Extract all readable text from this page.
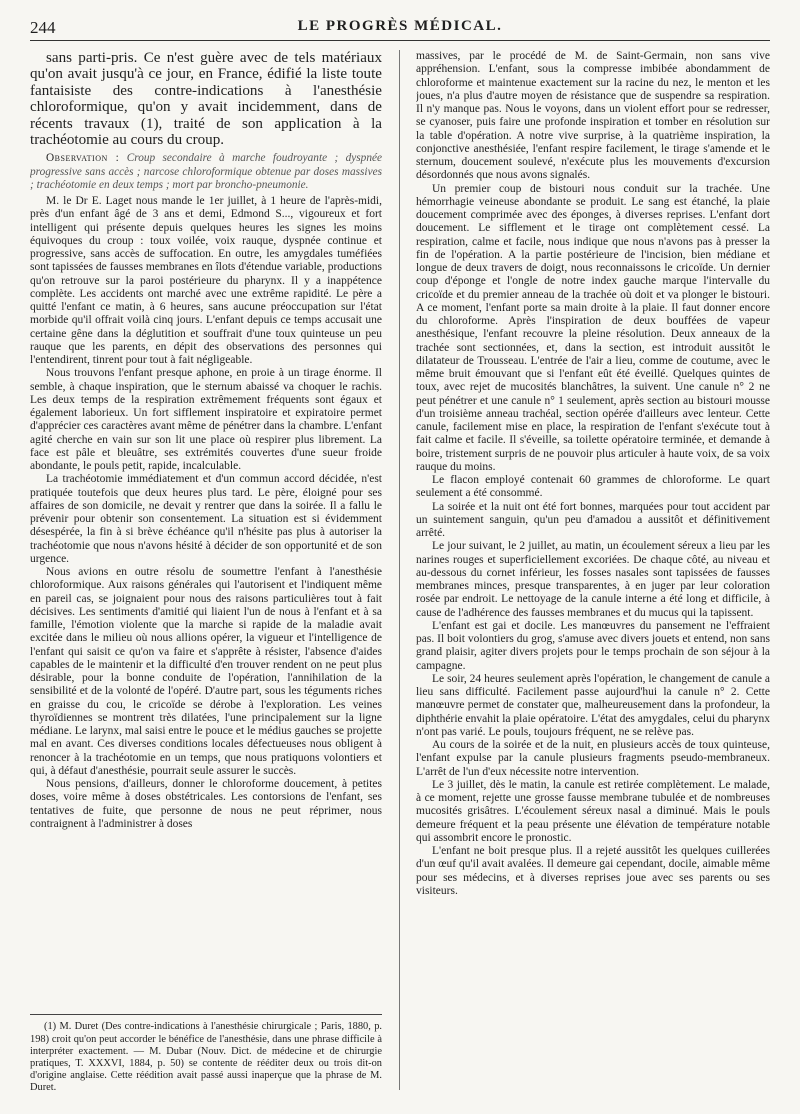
244	LE PROGRÈS MÉDICAL.

sans parti-pris. Ce n'est guère avec de tels matériaux qu'on avait jusqu'à ce jour, en France, édifié la liste toute fantaisiste des contre-indications à l'anesthésie chloroformique, qu'on y avait incidemment, dans de récents travaux (1), traité de son application à la trachéotomie au cours du croup.

Observation : Croup secondaire à marche foudroyante ; dyspnée progressive sans accès ; narcose chloroformique obtenue par doses massives ; trachéotomie en deux temps ; mort par broncho-pneumonie.

M. le Dr E. Laget nous mande le 1er juillet, à 1 heure de l'après-midi, près d'un enfant âgé de 3 ans et demi, Edmond S..., vigoureux et fort intelligent qui présente depuis quelques heures les signes les moins équivoques du croup : toux voilée, voix rauque, dyspnée continue et progressive, sans accès de suffocation. En outre, les amygdales tuméfiées sont tapissées de fausses membranes en îlots d'étendue variable, productions qu'on retrouve sur la paroi postérieure du pharynx. Il y a inappétence complète. Les accidents ont marché avec une extrême rapidité. Le père a quitté l'enfant ce matin, à 6 heures, sans aucune préoccupation sur l'état morbide qu'il offrait voilà cinq jours. L'enfant depuis ce temps accusait une certaine gêne dans la déglutition et souffrait d'une toux quinteuse un peu rauque que les parents, en dépit des observations des personnes qui l'entendirent, tinrent pour tout à fait négligeable.

Nous trouvons l'enfant presque aphone, en proie à un tirage énorme. Il semble, à chaque inspiration, que le sternum abaissé va choquer le rachis. Les deux temps de la respiration extrêmement fréquents sont égaux et également laborieux. Un fort sifflement inspiratoire et expiratoire permet d'apprécier ces caractères avant même de pénétrer dans la chambre. L'enfant agité cherche en vain sur son lit une place où respirer plus librement. La face est pâle et bleuâtre, ses extrémités couvertes d'une sueur froide abondante, le pouls petit, rapide, incalculable.

La trachéotomie immédiatement et d'un commun accord décidée, n'est pratiquée toutefois que deux heures plus tard. Le père, éloigné pour ses affaires de son domicile, ne devait y rentrer que dans la soirée. Il a fallu le prévenir pour obtenir son consentement. La situation est si évidemment désespérée, la fin à si brève échéance qu'il n'hésite pas plus à autoriser la trachéotomie que nous n'avons hésité à décider de son opportunité et de son urgence.

Nous avions en outre résolu de soumettre l'enfant à l'anesthésie chloroformique. Aux raisons générales qui l'autorisent et l'indiquent même en pareil cas, se joignaient pour nous des raisons particulières tout à fait décisives. Les sentiments d'amitié qui liaient l'un de nous à l'enfant et à sa famille, l'émotion violente que la marche si rapide de la maladie avait excitée dans le milieu où nous allions opérer, la vigueur et l'intelligence de l'enfant qui saisit ce qu'on va faire et s'apprête à résister, l'absence d'aides capables de le maintenir et la difficulté d'en trouver rendent on ne peut plus désirable, pour la bonne conduite de l'opération, l'annihilation de la sensibilité et de la volonté de l'opéré. D'autre part, sous les téguments riches en graisse du cou, le cricoïde se dérobe à l'exploration. Les veines thyroïdiennes se montrent très dilatées, l'une principalement sur la ligne médiane. Le larynx, mal saisi entre le pouce et le médius gauches se projette mal en avant. Ces diverses conditions locales défectueuses nous obligent à renoncer à la trachéotomie en un temps, que nous pratiquons volontiers et qui, à défaut d'anesthésie, pourrait seule assurer le succès.

Nous pensions, d'ailleurs, donner le chloroforme doucement, à petites doses, voire même à doses obstétricales. Les contorsions de l'enfant, ses tentatives de fuite, que personne de nous ne peut réprimer, nous contraignent à l'administrer à doses

(1) M. Duret (Des contre-indications à l'anesthésie chirurgicale ; Paris, 1880, p. 198) croit qu'on peut accorder le bénéfice de l'anesthésie, dans une phrase difficile à interpréter exactement. — M. Dubar (Nouv. Dict. de médecine et de chirurgie pratiques, T. XXXVI, 1884, p. 50) se contente de rééditer deux ou trois dit-on d'origine anglaise. Cette réédition avait passé aussi inaperçue que la phrase de M. Duret.

massives, par le procédé de M. de Saint-Germain, non sans vive appréhension. L'enfant, sous la compresse imbibée abondamment de chloroforme et maintenue exactement sur la racine du nez, le menton et les joues, n'a plus d'autre moyen de résistance que de suspendre sa respiration. Il n'y manque pas. Nous le voyons, dans un violent effort pour se redresser, se cyanoser, puis faire une profonde inspiration et tomber en résolution sur la table d'opération. A notre vive surprise, à la quatrième inspiration, la conjonctive anesthésiée, l'enfant respire facilement, le tirage s'amende et le sternum, doucement soulevé, n'exécute plus les mouvements d'excursion désordonnés que nous avons signalés.

Un premier coup de bistouri nous conduit sur la trachée. Une hémorrhagie veineuse abondante se produit. Le sang est étanché, la plaie doucement comprimée avec des éponges, à diverses reprises. L'enfant dort doucement. Le sifflement et le tirage ont complètement cessé. La respiration, calme et facile, nous indique que nous n'avons pas à presser la fin de l'opération. A la partie postérieure de l'incision, bien médiane et longue de deux travers de doigt, nous reconnaissons le cricoïde. Un dernier coup d'éponge et l'ongle de notre index gauche marque l'intervalle du cricoïde et du premier anneau de la trachée où doit et va plonger le bistouri. A ce moment, l'enfant porte sa main droite à la plaie. Il faut donner encore du chloroforme. Après l'inspiration de deux bouffées de vapeur anesthésique, l'enfant recouvre la pleine résolution. Deux anneaux de la trachée sont sectionnées, et, dans la section, est introduit aussitôt le dilatateur de Trousseau. L'entrée de l'air a lieu, comme de coutume, avec le même bruit émouvant que si l'enfant eût été éveillé. Quelques quintes de toux, avec rejet de mucosités blanchâtres, la suivent. Une canule n° 2 ne peut pénétrer et une canule n° 1 seulement, après section au bistouri mousse d'un troisième anneau trachéal, section opérée d'ailleurs avec lenteur. Cette canule, facilement mise en place, la respiration de l'enfant s'exécute tout à fait calme et facile. Il s'éveille, sa toilette opératoire terminée, et demande à boire, tristement surpris de ne pouvoir plus articuler à haute voix, de sa voix rauque du moins.

Le flacon employé contenait 60 grammes de chloroforme. Le quart seulement a été consommé.

La soirée et la nuit ont été fort bonnes, marquées pour tout accident par un suintement sanguin, qu'un peu d'amadou a aussitôt et définitivement arrêté.

Le jour suivant, le 2 juillet, au matin, un écoulement séreux a lieu par les narines rouges et superficiellement excoriées. De chaque côté, au niveau et au-dessous du cornet inférieur, les fosses nasales sont tapissées de fausses membranes minces, presque transparentes, à en juger par leur coloration rosée par endroit. Le nettoyage de la canule interne a été long et difficile, à cause de l'adhérence des fausses membranes et du mucus qui la tapissent.

L'enfant est gai et docile. Les manœuvres du pansement ne l'effraient pas. Il boit volontiers du grog, s'amuse avec divers jouets et entend, non sans grand plaisir, agiter divers projets pour le temps prochain de son séjour à la campagne.

Le soir, 24 heures seulement après l'opération, le changement de canule a lieu sans difficulté. Facilement passe aujourd'hui la canule n° 2. Cette manœuvre permet de constater que, malheureusement dans la profondeur, la diphthérie envahit la plaie opératoire. L'état des amygdales, celui du pharynx n'ont pas varié. Le pouls, toujours fréquent, ne se relève pas.

Au cours de la soirée et de la nuit, en plusieurs accès de toux quinteuse, l'enfant expulse par la canule plusieurs fragments pseudo-membraneux. L'arrêt de l'un d'eux nécessite notre intervention.

Le 3 juillet, dès le matin, la canule est retirée complètement. Le malade, à ce moment, rejette une grosse fausse membrane tubulée et de nombreuses mucosités grisâtres. L'écoulement séreux nasal a diminué. Mais le pouls demeure fréquent et la peau présente une élévation de température notable qui assombrit encore le pronostic.

L'enfant ne boit presque plus. Il a rejeté aussitôt les quelques cuillerées d'un œuf qu'il avait avalées. Il demeure gai cependant, docile, aimable même pour ses médecins, et à diverses reprises joue avec ses parents ou ses visiteurs.
